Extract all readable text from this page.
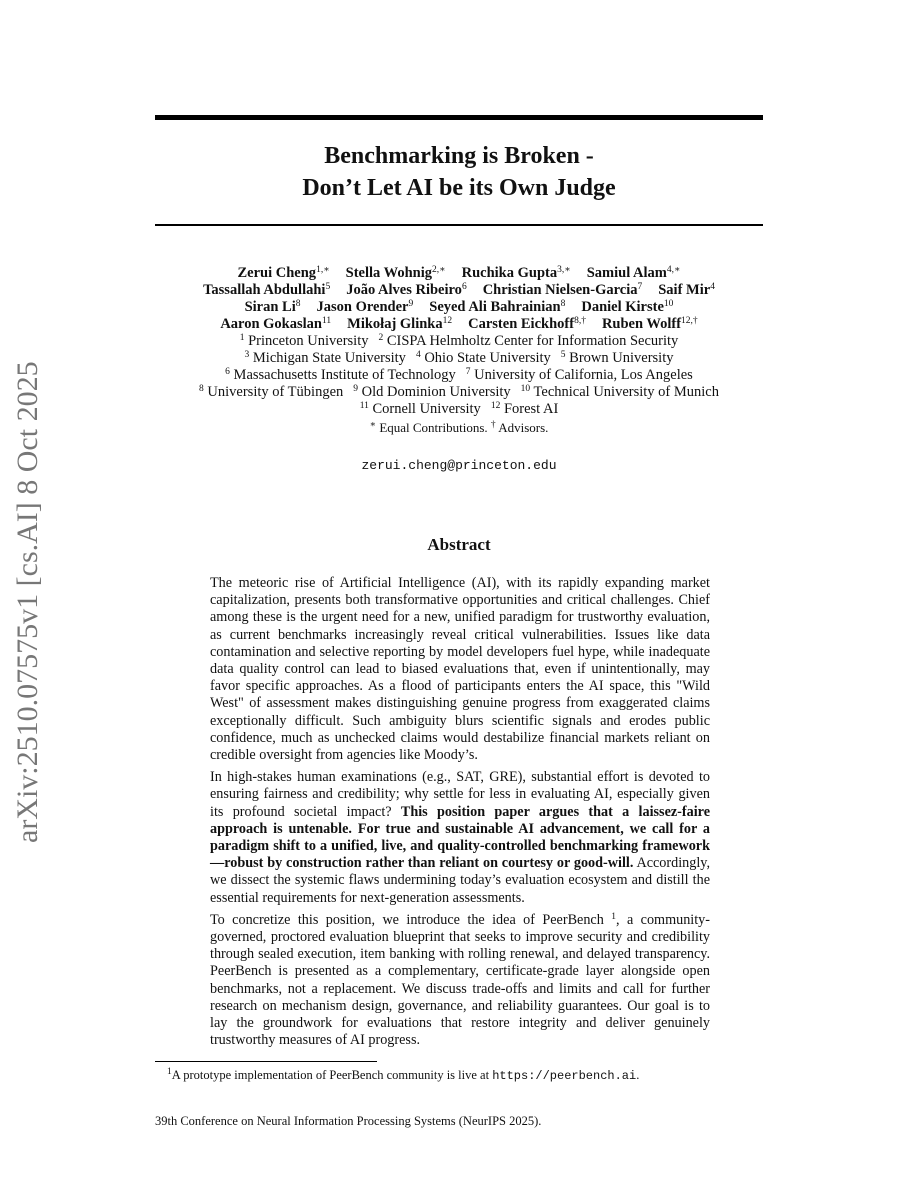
arXiv:2510.07575v1 [cs.AI] 8 Oct 2025
Benchmarking is Broken -
Don’t Let AI be its Own Judge
Zerui Cheng$^{1,∗}$ Stella Wohnig$^{2,∗}$ Ruchika Gupta$^{3,∗}$ Samiul Alam$^{4,∗}$
Tassallah Abdullahi$^5$ João Alves Ribeiro$^6$ Christian Nielsen-Garcia$^7$ Saif Mir$^4$
Siran Li$^8$ Jason Orender$^9$ Seyed Ali Bahrainian$^8$ Daniel Kirste$^{10}$
Aaron Gokaslan$^{11}$ Mikołaj Glinka$^{12}$ Carsten Eickhoff$^{8,\dagger}$ Ruben Wolff$^{12,\dagger}$
$^1$ Princeton University $^2$ CISPA Helmholtz Center for Information Security
$^3$ Michigan State University $^4$ Ohio State University $^5$ Brown University
$^6$ Massachusetts Institute of Technology $^7$ University of California, Los Angeles
$^8$ University of Tübingen $^9$ Old Dominion University $^{10}$ Technical University of Munich
$^{11}$ Cornell University $^{12}$ Forest AI
∗ Equal Contributions. † Advisors.
zerui.cheng@princeton.edu
Abstract

The meteoric rise of Artificial Intelligence (AI), with its rapidly expanding market capitalization, presents both transformative opportunities and critical challenges. Chief among these is the urgent need for a new, unified paradigm for trustworthy evaluation, as current benchmarks increasingly reveal critical vulnerabilities. Issues like data contamination and selective reporting by model developers fuel hype, while inadequate data quality control can lead to biased evaluations that, even if unintentionally, may favor specific approaches. As a flood of participants enters the AI space, this "Wild West" of assessment makes distinguishing genuine progress from exaggerated claims exceptionally difficult. Such ambiguity blurs scientific signals and erodes public confidence, much as unchecked claims would destabilize financial markets reliant on credible oversight from agencies like Moody’s.

In high-stakes human examinations (e.g., SAT, GRE), substantial effort is devoted to ensuring fairness and credibility; why settle for less in evaluating AI, especially given its profound societal impact? This position paper argues that a laissez-faire approach is untenable. For true and sustainable AI advancement, we call for a paradigm shift to a unified, live, and quality-controlled benchmarking framework—robust by construction rather than reliant on courtesy or good-will. Accordingly, we dissect the systemic flaws undermining today’s evaluation ecosystem and distill the essential requirements for next-generation assessments.

To concretize this position, we introduce the idea of PeerBench $^1$, a community-governed, proctored evaluation blueprint that seeks to improve security and credibility through sealed execution, item banking with rolling renewal, and delayed transparency. PeerBench is presented as a complementary, certificate-grade layer alongside open benchmarks, not a replacement. We discuss trade-offs and limits and call for further research on mechanism design, governance, and reliability guarantees. Our goal is to lay the groundwork for evaluations that restore integrity and deliver genuinely trustworthy measures of AI progress.

$^1$A prototype implementation of PeerBench community is live at https://peerbench.ai.
39th Conference on Neural Information Processing Systems (NeurIPS 2025).
